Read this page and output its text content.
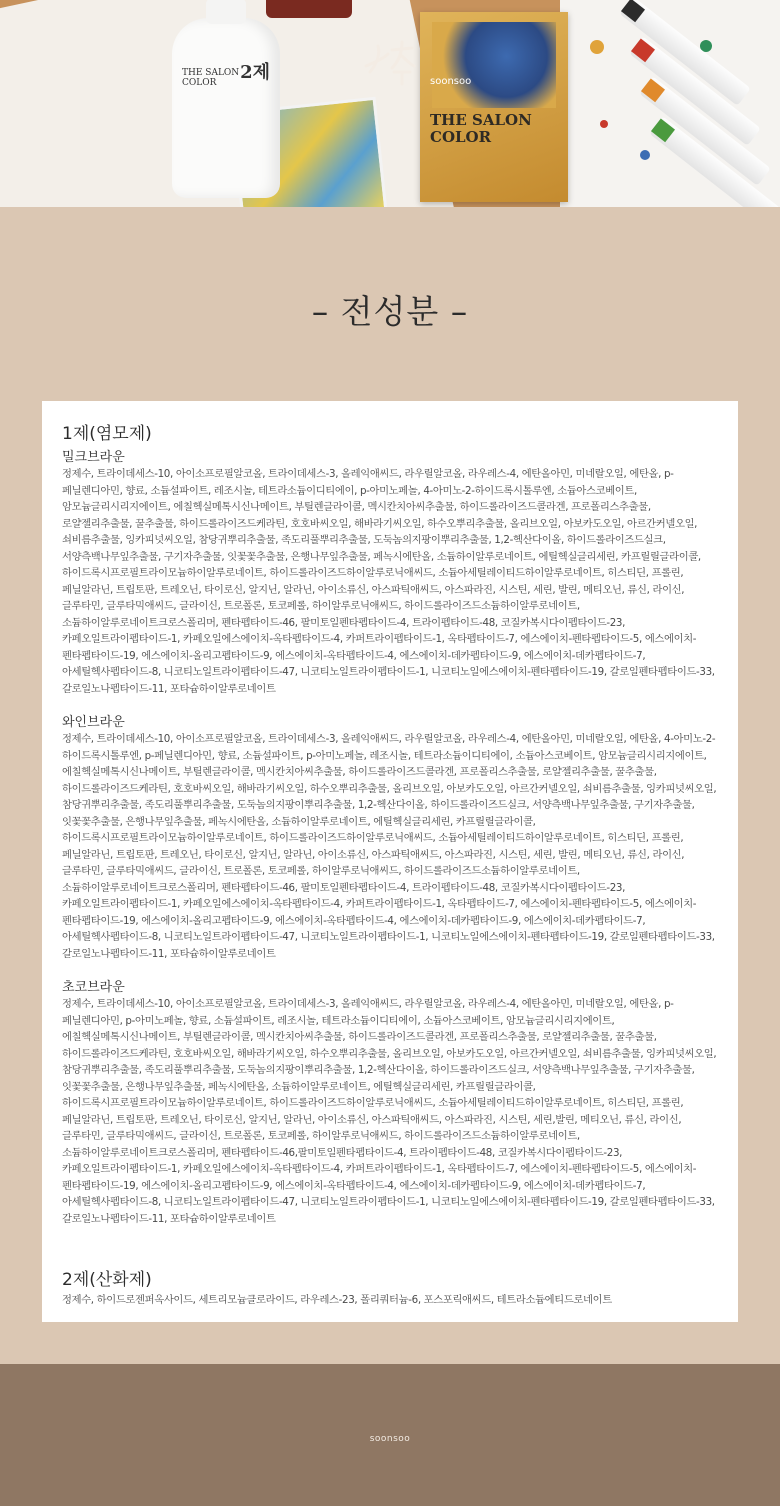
2제
THE SALON COLOR	soonsoo
THE SALON COLOR
– 전성분 –
1제(염모제)
밀크브라운

정제수, 트라이데세스-10, 아이소프로필알코올, 트라이데세스-3, 올레익애씨드, 라우릴알코올, 라우레스-4, 에탄올아민, 미네랄오일, 에탄올, p-페닐렌디아민, 향료, 소듐설파이트, 레조시놀, 테트라소듐이디티에이, p-아미노페놀, 4-아미노-2-하이드록시톨루엔, 소듐아스코베이트, 암모늄글리시리지에이트, 에칠헥실메톡시신나메이트, 부틸렌글라이콜, 멕시칸치아씨추출물, 하이드롤라이즈드콜라겐, 프로폴리스추출물, 로얄젤리추출물, 꿀추출물, 하이드롤라이즈드케라틴, 호호바씨오일, 해바라기씨오일, 하수오뿌리추출물, 올리브오일, 아보카도오일, 아르간커넬오일, 쇠비름추출물, 잉카피넛씨오일, 참당귀뿌리추출물, 족도리풀뿌리추출물, 도둑놈의지팡이뿌리추출물, 1,2-헥산다이올, 하이드롤라이즈드실크, 서양측백나무잎추출물, 구기자추출물, 잇꽃꽃추출물, 은행나무잎추출물, 페녹시에탄올, 소듐하이알루로네이트, 에틸헥실글리세린, 카프릴릴글라이콜, 하이드록시프로필트라이모늄하이알루로네이트, 하이드롤라이즈드하이알루로닉애씨드, 소듐아세틸레이티드하이알루로네이트, 히스티딘, 프롤린, 페닐알라닌, 트립토판, 트레오닌, 타이로신, 알지닌, 알라닌, 아이소류신, 아스파틱애씨드, 아스파라진, 시스틴, 세린, 발린, 메티오닌, 류신, 라이신, 글루타민, 글루타믹애씨드, 글라이신, 트로폴론, 토코페롤, 하이알루로닉애씨드, 하이드롤라이즈드소듐하이알루로네이트, 소듐하이알루로네이트크로스폴리머, 펜타펩타이드-46, 팔미토일펜타펩타이드-4, 트라이펩타이드-48, 코질카복시다이펩타이드-23, 카페오일트라이펩타이드-1, 카페오일에스에이치-옥타펩타이드-4, 카퍼트라이펩타이드-1, 옥타펩타이드-7, 에스에이치-펜타펩타이드-5, 에스에이치-펜타펩타이드-19, 에스에이치-올리고펩타이드-9, 에스에이치-옥타펩타이드-4, 에스에이치-데카펩타이드-9, 에스에이치-데카펩타이드-7, 아세틸헥사펩타이드-8, 니코티노일트라이펩타이드-47, 니코티노일트라이펩타이드-1, 니코티노일에스에이치-펜타펩타이드-19, 갈로일펜타펩타이드-33, 갈로일노나펩타이드-11, 포타슘하이알루로네이트

와인브라운

정제수, 트라이데세스-10, 아이소프로필알코올, 트라이데세스-3, 올레익애씨드, 라우릴알코올, 라우레스-4, 에탄올아민, 미네랄오일, 에탄올, 4-아미노-2-하이드록시톨루엔, p-페닐렌디아민, 향료, 소듐설파이트, p-아미노페놀, 레조시놀, 테트라소듐이디티에이, 소듐아스코베이트, 암모늄글리시리지에이트, 에칠헥실메톡시신나메이트, 부틸렌글라이콜, 멕시칸치아씨추출물, 하이드롤라이즈드콜라겐, 프로폴리스추출물, 로얄젤리추출물, 꿀추출물, 하이드롤라이즈드케라틴, 호호바씨오일, 해바라기씨오일, 하수오뿌리추출물, 올리브오일, 아보카도오일, 아르간커넬오일, 쇠비름추출물, 잉카피넛씨오일, 참당귀뿌리추출물, 족도리풀뿌리추출물, 도둑놈의지팡이뿌리추출물, 1,2-헥산다이올, 하이드롤라이즈드실크, 서양측백나무잎추출물, 구기자추출물, 잇꽃꽃추출물, 은행나무잎추출물, 페녹시에탄올, 소듐하이알루로네이트, 에틸헥실글리세린, 카프릴릴글라이콜, 하이드록시프로필트라이모늄하이알루로네이트, 하이드롤라이즈드하이알루로닉애씨드, 소듐아세틸레이티드하이알루로네이트, 히스티딘, 프롤린, 페닐알라닌, 트립토판, 트레오닌, 타이로신, 알지닌, 알라닌, 아이소류신, 아스파틱애씨드, 아스파라진, 시스틴, 세린, 발린, 메티오닌, 류신, 라이신, 글루타민, 글루타믹애씨드, 글라이신, 트로폴론, 토코페롤, 하이알루로닉애씨드, 하이드롤라이즈드소듐하이알루로네이트, 소듐하이알루로네이트크로스폴리머, 펜타펩타이드-46, 팔미토일펜타펩타이드-4, 트라이펩타이드-48, 코질카복시다이펩타이드-23, 카페오일트라이펩타이드-1, 카페오일에스에이치-옥타펩타이드-4, 카퍼트라이펩타이드-1, 옥타펩타이드-7, 에스에이치-펜타펩타이드-5, 에스에이치-펜타펩타이드-19, 에스에이치-올리고펩타이드-9, 에스에이치-옥타펩타이드-4, 에스에이치-데카펩타이드-9, 에스에이치-데카펩타이드-7, 아세틸헥사펩타이드-8, 니코티노일트라이펩타이드-47, 니코티노일트라이펩타이드-1, 니코티노일에스에이치-펜타펩타이드-19, 갈로일펜타펩타이드-33, 갈로일노나펩타이드-11, 포타슘하이알루로네이트

초코브라운

정제수, 트라이데세스-10, 아이소프로필알코올, 트라이데세스-3, 올레익애씨드, 라우릴알코올, 라우레스-4, 에탄올아민, 미네랄오일, 에탄올, p-페닐렌디아민, p-아미노페놀, 향료, 소듐설파이트, 레조시놀, 테트라소듐이디티에이, 소듐아스코베이트, 암모늄글리시리지에이트, 에칠헥실메톡시신나메이트, 부틸렌글라이콜, 멕시칸치아씨추출물, 하이드롤라이즈드콜라겐, 프로폴리스추출물, 로얄젤리추출물, 꿀추출물, 하이드롤라이즈드케라틴, 호호바씨오일, 해바라기씨오일, 하수오뿌리추출물, 올리브오일, 아보카도오일, 아르간커넬오일, 쇠비름추출물, 잉카피넛씨오일, 참당귀뿌리추출물, 족도리풀뿌리추출물, 도둑놈의지팡이뿌리추출물, 1,2-헥산다이올, 하이드롤라이즈드실크, 서양측백나무잎추출물, 구기자추출물, 잇꽃꽃추출물, 은행나무잎추출물, 페녹시에탄올, 소듐하이알루로네이트, 에틸헥실글리세린, 카프릴릴글라이콜, 하이드록시프로필트라이모늄하이알루로네이트, 하이드롤라이즈드하이알루로닉애씨드, 소듐아세틸레이티드하이알루로네이트, 히스티딘, 프롤린, 페닐알라닌, 트립토판, 트레오닌, 타이로신, 알지닌, 알라닌, 아이소류신, 아스파틱애씨드, 아스파라진, 시스틴, 세린,발린, 메티오닌, 류신, 라이신, 글루타민, 글루타믹애씨드, 글라이신, 트로폴론, 토코페롤, 하이알루로닉애씨드, 하이드롤라이즈드소듐하이알루로네이트, 소듐하이알루로네이트크로스폴리머, 펜타펩타이드-46,팔미토일펜타펩타이드-4, 트라이펩타이드-48, 코질카복시다이펩타이드-23, 카페오일트라이펩타이드-1, 카페오일에스에이치-옥타펩타이드-4, 카퍼트라이펩타이드-1, 옥타펩타이드-7, 에스에이치-펜타펩타이드-5, 에스에이치-펜타펩타이드-19, 에스에이치-올리고펩타이드-9, 에스에이치-옥타펩타이드-4, 에스에이치-데카펩타이드-9, 에스에이치-데카펩타이드-7, 아세틸헥사펩타이드-8, 니코티노일트라이펩타이드-47, 니코티노일트라이펩타이드-1, 니코티노일에스에이치-펜타펩타이드-19, 갈로일펜타펩타이드-33, 갈로일노나펩타이드-11, 포타슘하이알루로네이트

2제(산화제)

정제수, 하이드로젠퍼옥사이드, 세트리모늄클로라이드, 라우레스-23, 폴리쿼터늄-6, 포스포릭애씨드, 테트라소듐에티드로네이트

soonsoo
